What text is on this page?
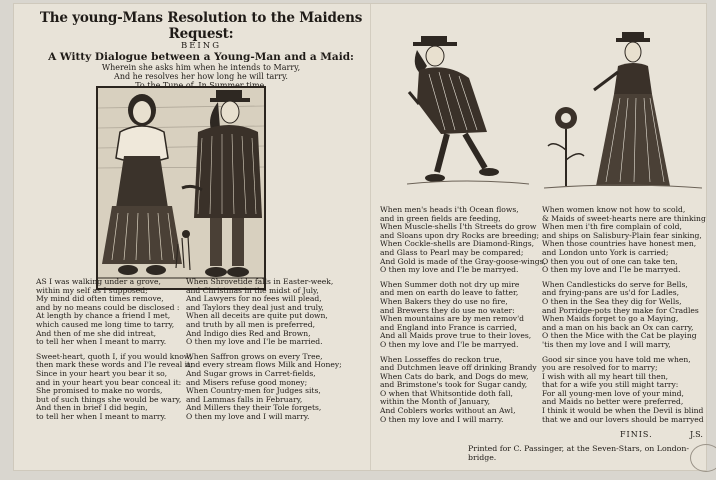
The young-Mans Resolution to the Maidens Request:
BEING
A Witty Dialogue between a Young-Man and a Maid:
Wherein she asks him when he intends to Marry,
And he resolves her how long he will tarry.
AS I was walking under a grove,
within my self as I supposed;
My mind did often times remove,
and by no means could be disclosed :
At length by chance a friend I met,
which caused me long time to tarry,
And then of me she did intreat,
to tell her when I meant to marry.
Sweet-heart, quoth I, if you would know,
then mark these words and I'le reveal it;
Since in your heart you bear it so,
and in your heart you bear conceal it:
She promised to make no words,
but of such things she would be wary,
And then in brief I did begin,
to tell her when I meant to marry.
When Shrovetide falls in Easter-week,
and Christmas in the midst of July,
And Lawyers for no fees will plead,
and Taylors they deal just and truly,
When all deceits are quite put down,
and truth by all men is preferred,
And Indigo dies Red and Brown,
O then my love and I'le be married.
When Saffron grows on every Tree,
and every stream flows Milk and Honey;
And Sugar grows in Carret-fields,
and Misers refuse good money;
When Country-men for Judges sits,
and Lammas falls in February,
And Millers they their Tole forgets,
O then my love and I will marry.
When men's heads i'th Ocean flows,
and in green fields are feeding,
When Muscle-shells I'th Streets do grow
and Sloans upon dry Rocks are breeding;
When Cockle-shells are Diamond-Rings,
and Glass to Pearl may be compared;
And Gold is made of the Gray-goose-wings,
O then my love and I'le be marryed.
When Summer doth not dry up mire
and men on earth do leave to fatter,
When Bakers they do use no fire,
and Brewers they do use no water:
When mountains are by men remov'd
and England into France is carried,
And all Maids prove true to their loves,
O then my love and I'le be marryed.
When Losseffes do reckon true,
and Dutchmen leave off drinking Brandy
When Cats do bark, and Dogs do mew,
and Brimstone's took for Sugar candy,
O when that Whitsontide doth fall,
within the Month of January,
And Coblers works without an Awl,
O then my love and I will marry.
When women know not how to scold,
& Maids of sweet-hearts nere are thinking
When men i'th fire complain of cold,
and ships on Salisbury-Plain fear sinking,
When those countries have honest men,
and London unto York is carried;
O then you out of one can take ten,
O then my love and I'le be marryed.
When Candlesticks do serve for Bells,
and frying-pans are us'd for Ladles,
O then in the Sea they dig for Wells,
and Porridge-pots they make for Cradles
When Maids forget to go a Maying,
and a man on his back an Ox can carry,
O then the Mice with the Cat be playing
'tis then my love and I will marry,
Good sir since you have told me when,
you are resolved for to marry;
I wish with all my heart till then,
that for a wife you still might tarry:
For all young-men love of your mind,
and Maids no better were preferred,
I think it would be when the Devil is blind
that we and our lovers should be marryed
FINIS.	J.S.
Printed for C. Passinger, at the Seven-Stars, on London-bridge.
